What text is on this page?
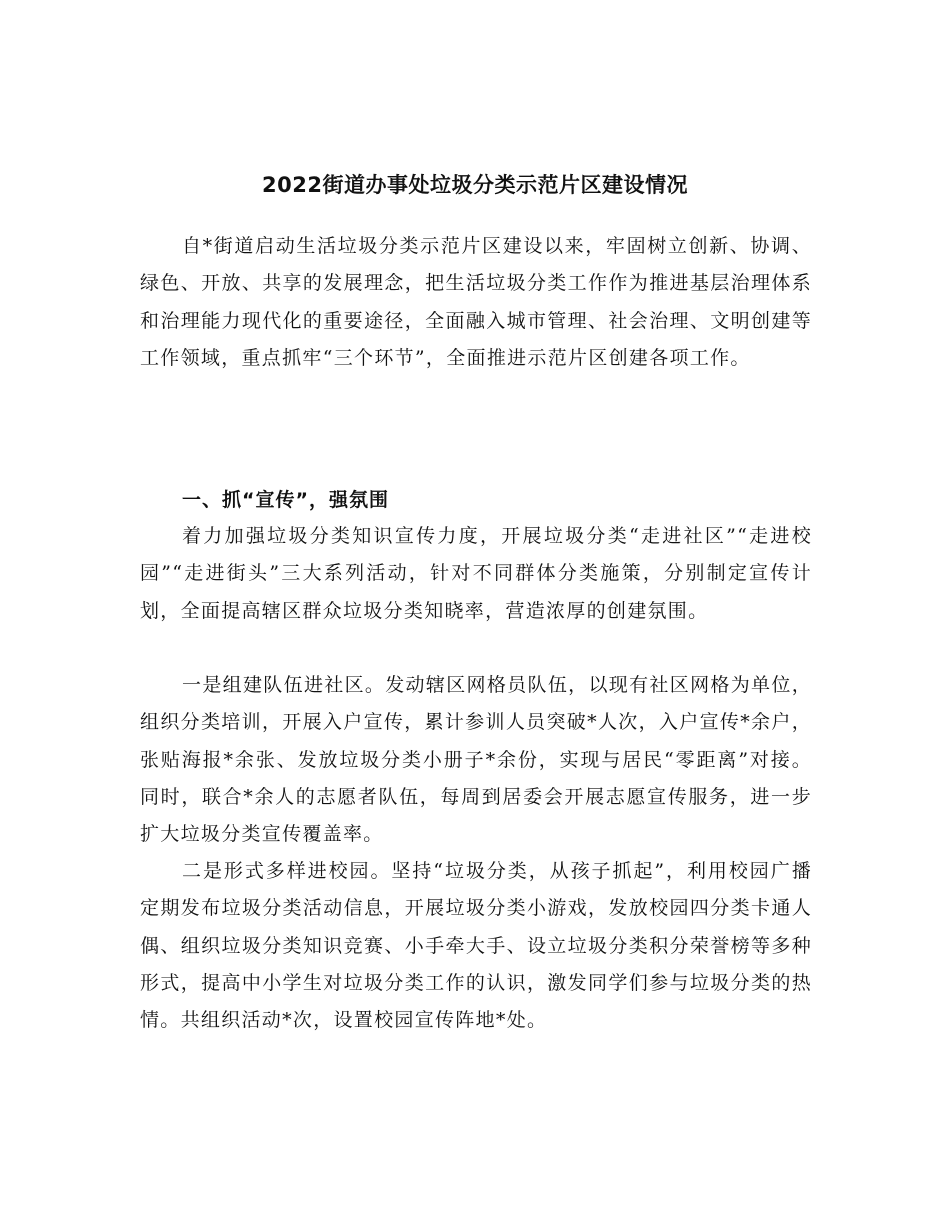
2022街道办事处垃圾分类示范片区建设情况

自*街道启动生活垃圾分类示范片区建设以来，牢固树立创新、协调、绿色、开放、共享的发展理念，把生活垃圾分类工作作为推进基层治理体系和治理能力现代化的重要途径，全面融入城市管理、社会治理、文明创建等工作领域，重点抓牢“三个环节”，全面推进示范片区创建各项工作。

一、抓“宣传”，强氛围

着力加强垃圾分类知识宣传力度，开展垃圾分类“走进社区”“走进校园”“走进街头”三大系列活动，针对不同群体分类施策，分别制定宣传计划，全面提高辖区群众垃圾分类知晓率，营造浓厚的创建氛围。

一是组建队伍进社区。发动辖区网格员队伍，以现有社区网格为单位，组织分类培训，开展入户宣传，累计参训人员突破*人次，入户宣传*余户，张贴海报*余张、发放垃圾分类小册子*余份，实现与居民“零距离”对接。同时，联合*余人的志愿者队伍，每周到居委会开展志愿宣传服务，进一步扩大垃圾分类宣传覆盖率。

二是形式多样进校园。坚持“垃圾分类，从孩子抓起”，利用校园广播定期发布垃圾分类活动信息，开展垃圾分类小游戏，发放校园四分类卡通人偶、组织垃圾分类知识竞赛、小手牵大手、设立垃圾分类积分荣誉榜等多种形式，提高中小学生对垃圾分类工作的认识，激发同学们参与垃圾分类的热情。共组织活动*次，设置校园宣传阵地*处。
